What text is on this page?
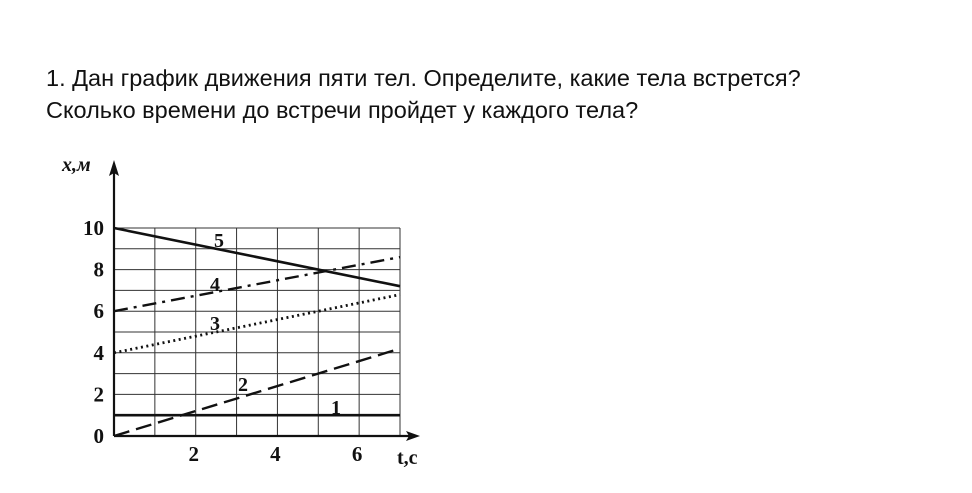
1. Дан график движения пяти тел. Определите, какие тела встрется?

Сколько времени до встречи пройдет у каждого тела?

0
2
4
6
8
10
2	4	6
1
2
3
4
5
x,м
t,c
